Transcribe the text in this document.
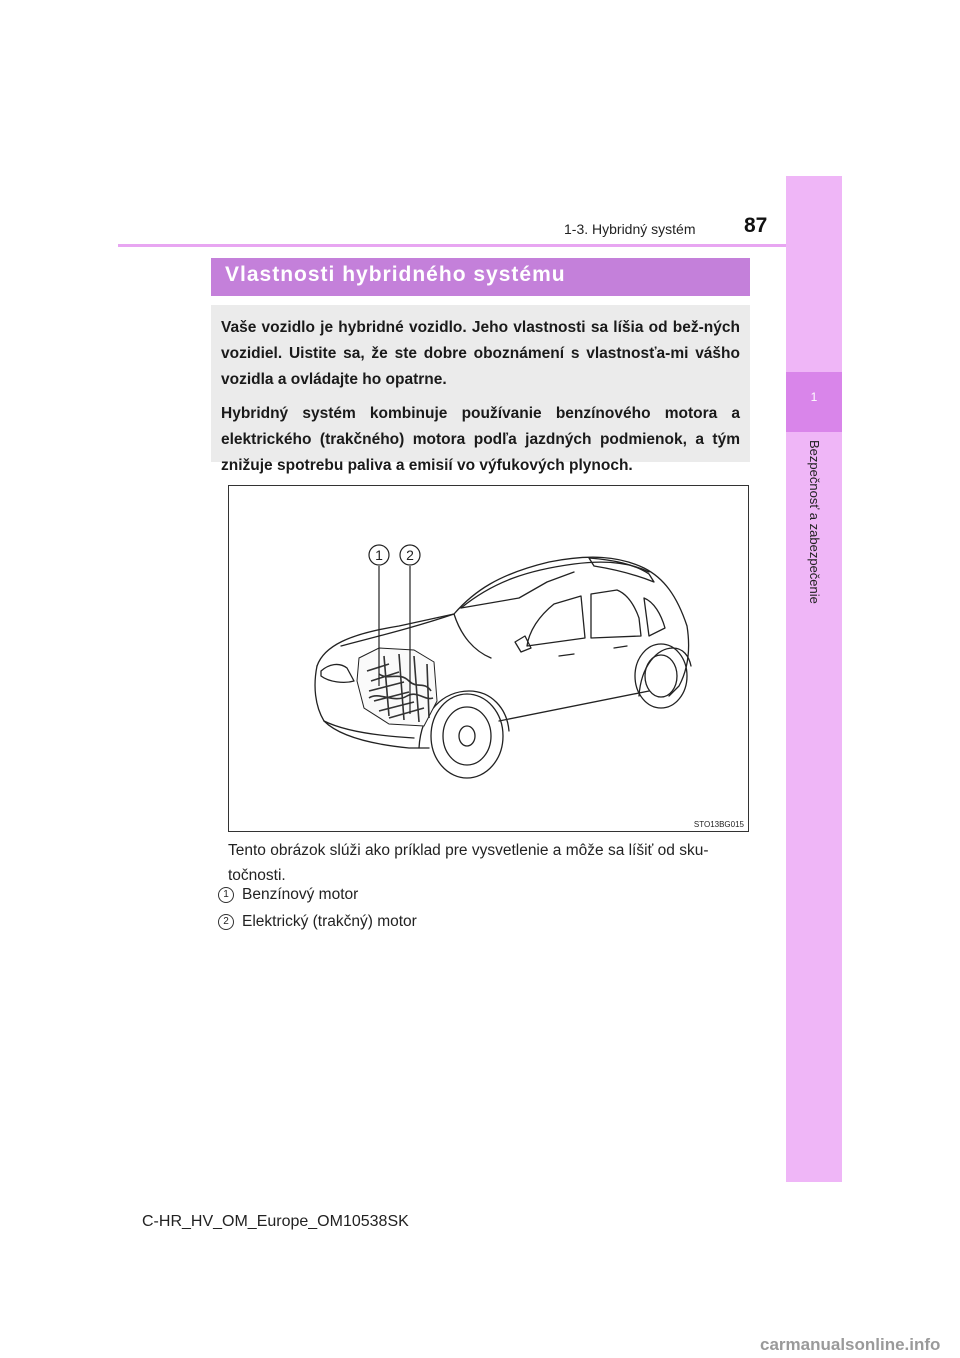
1
Bezpečnosť a zabezpečenie
1-3. Hybridný systém 87
Vlastnosti hybridného systému

Vaše vozidlo je hybridné vozidlo. Jeho vlastnosti sa líšia od bež-ných vozidiel. Uistite sa, že ste dobre oboznámení s vlastnosťa-mi vášho vozidla a ovládajte ho opatrne.

Hybridný systém kombinuje používanie benzínového motora a elektrického (trakčného) motora podľa jazdných podmienok, a tým znižuje spotrebu paliva a emisií vo výfukových plynoch.

1 2
STO13BG015
Tento obrázok slúži ako príklad pre vysvetlenie a môže sa líšiť od sku-točnosti.
1 Benzínový motor
2 Elektrický (trakčný) motor
C-HR_HV_OM_Europe_OM10538SK
carmanualsonline.info
